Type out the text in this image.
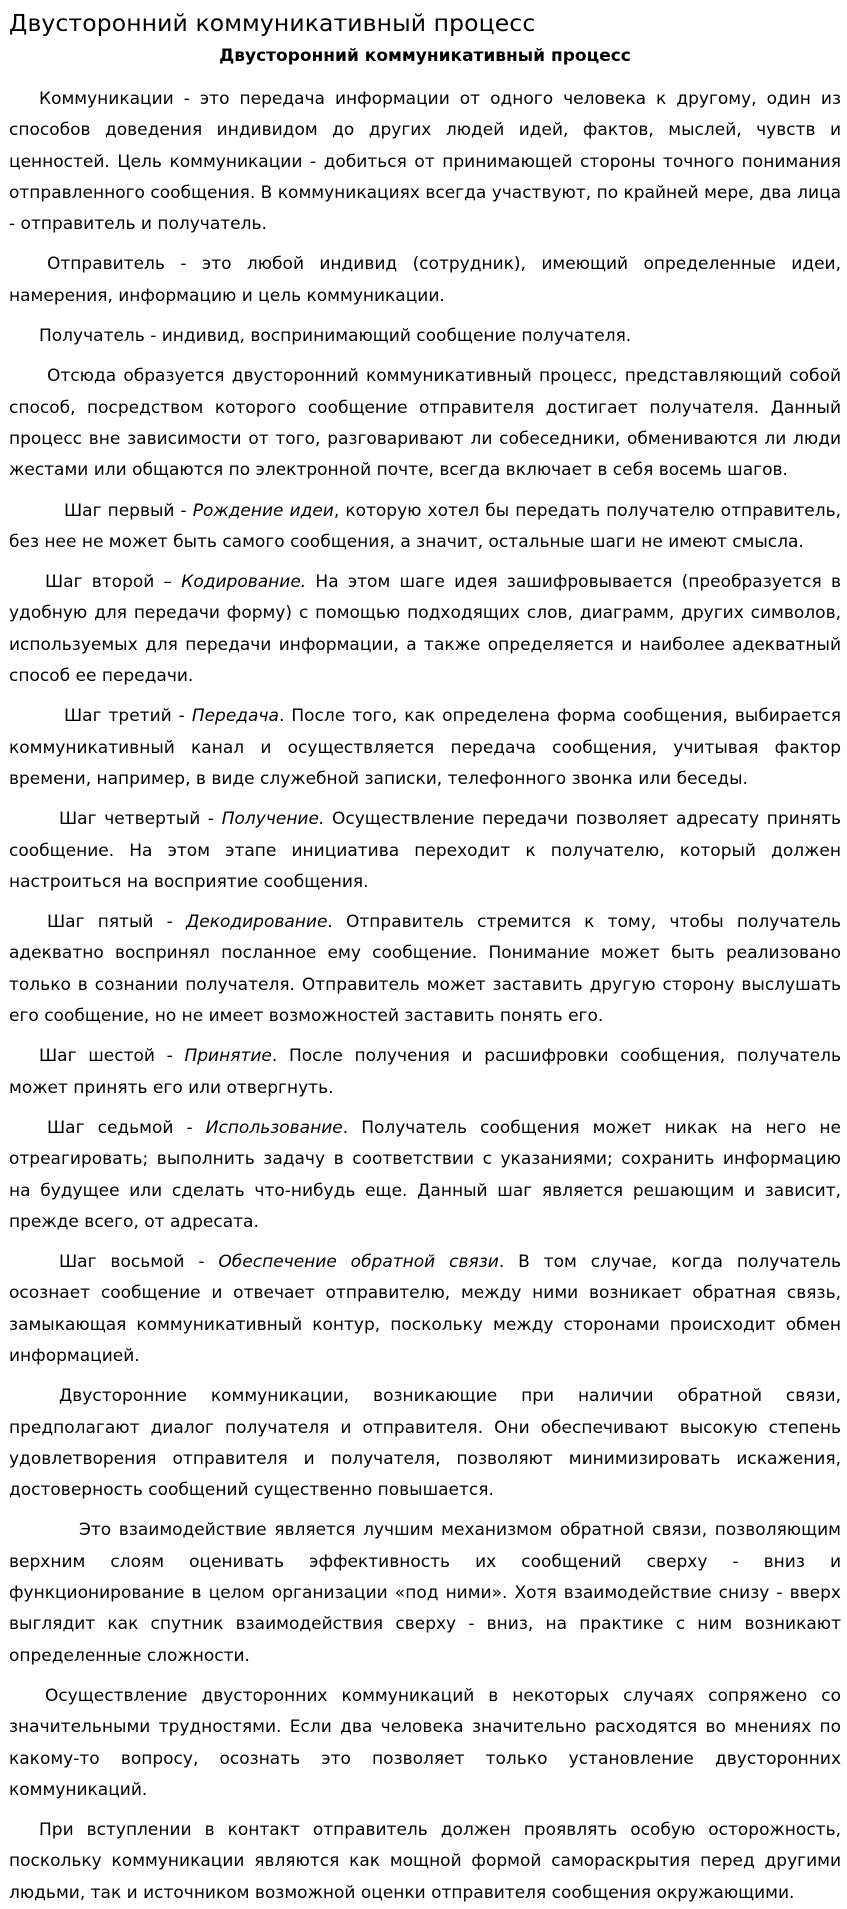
Двусторонний коммуникативный процесс
Двусторонний коммуникативный процесс

Коммуникации - это передача информации от одного человека к другому, один из способов доведения индивидом до других людей идей, фактов, мыслей, чувств и ценностей. Цель коммуникации - добиться от принимающей стороны точного понимания отправленного сообщения. В коммуникациях всегда участвуют, по крайней мере, два лица - отправитель и получатель.

Отправитель - это любой индивид (сотрудник), имеющий определенные идеи, намерения, информацию и цель коммуникации.

Получатель - индивид, воспринимающий сообщение получателя.

Отсюда образуется двусторонний коммуникативный процесс, представляющий собой способ, посредством которого сообщение отправителя достигает получателя. Данный процесс вне зависимости от того, разговаривают ли собеседники, обмениваются ли люди жестами или общаются по электронной почте, всегда включает в себя восемь шагов.

Шаг первый - Рождение идеи, которую хотел бы передать получателю отправитель, без нее не может быть самого сообщения, а значит, остальные шаги не имеют смысла.

Шаг второй – Кодирование. На этом шаге идея зашифровывается (преобразуется в удобную для передачи форму) с помощью подходящих слов, диаграмм, других символов, используемых для передачи информации, а также определяется и наиболее адекватный способ ее передачи.

Шаг третий - Передача. После того, как определена форма сообщения, выбирается коммуникативный канал и осуществляется передача сообщения, учитывая фактор времени, например, в виде служебной записки, телефонного звонка или беседы.

Шаг четвертый - Получение. Осуществление передачи позволяет адресату принять сообщение. На этом этапе инициатива переходит к получателю, который должен настроиться на восприятие сообщения.

Шаг пятый - Декодирование. Отправитель стремится к тому, чтобы получатель адекватно воспринял посланное ему сообщение. Понимание может быть реализовано только в сознании получателя. Отправитель может заставить другую сторону выслушать его сообщение, но не имеет возможностей заставить понять его.

Шаг шестой - Принятие. После получения и расшифровки сообщения, получатель может принять его или отвергнуть.

Шаг седьмой - Использование. Получатель сообщения может никак на него не отреагировать; выполнить задачу в соответствии с указаниями; сохранить информацию на будущее или сделать что-нибудь еще. Данный шаг является решающим и зависит, прежде всего, от адресата.

Шаг восьмой - Обеспечение обратной связи. В том случае, когда получатель осознает сообщение и отвечает отправителю, между ними возникает обратная связь, замыкающая коммуникативный контур, поскольку между сторонами происходит обмен информацией.

Двусторонние коммуникации, возникающие при наличии обратной связи, предполагают диалог получателя и отправителя. Они обеспечивают высокую степень удовлетворения отправителя и получателя, позволяют минимизировать искажения, достоверность сообщений существенно повышается.

Это взаимодействие является лучшим механизмом обратной связи, позволяющим верхним слоям оценивать эффективность их сообщений сверху - вниз и функционирование в целом организации «под ними». Хотя взаимодействие снизу - вверх выглядит как спутник взаимодействия сверху - вниз, на практике с ним возникают определенные сложности.

Осуществление двусторонних коммуникаций в некоторых случаях сопряжено со значительными трудностями. Если два человека значительно расходятся во мнениях по какому-то вопросу, осознать это позволяет только установление двусторонних коммуникаций.

При вступлении в контакт отправитель должен проявлять особую осторожность, поскольку коммуникации являются как мощной формой самораскрытия перед другими людьми, так и источником возможной оценки отправителя сообщения окружающими.
